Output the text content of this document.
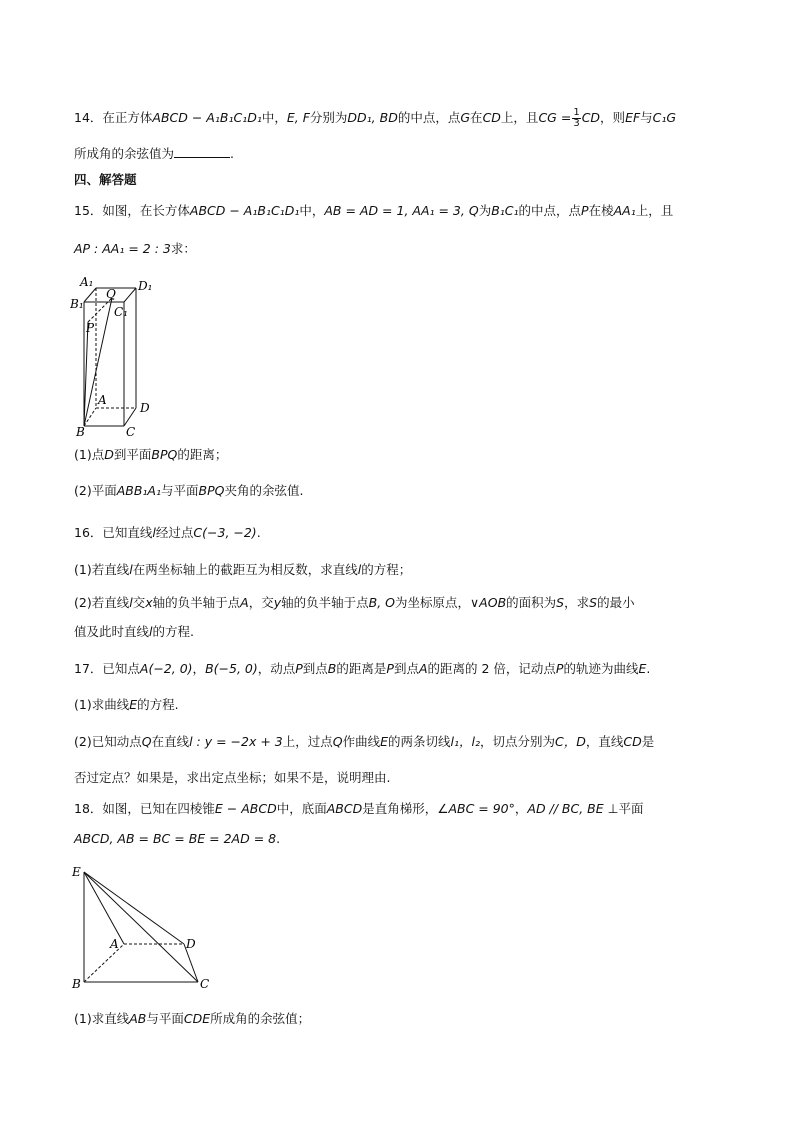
14．在正方体ABCD − A₁B₁C₁D₁中，E, F分别为DD₁, BD的中点，点G在CD上，且CG = $\frac{1}{3}$ CD，则EF与C₁G
所成角的余弦值为	.
四、解答题
15．如图，在长方体ABCD − A₁B₁C₁D₁中，AB = AD = 1, AA₁ = 3, Q为B₁C₁的中点，点P在棱AA₁上，且
AP : AA₁ = 2 : 3求：
A₁
B₁
D₁
Q
C₁
P
A
D
B	C
(1)点D到平面BPQ的距离；
(2)平面ABB₁A₁与平面BPQ夹角的余弦值.
16．已知直线l经过点C(−3, −2).
(1)若直线l在两坐标轴上的截距互为相反数，求直线l的方程；
(2)若直线l交x轴的负半轴于点A，交y轴的负半轴于点B, O为坐标原点，∨AOB的面积为S，求S的最小
值及此时直线l的方程.
17．已知点A(−2, 0)，B(−5, 0)，动点P到点B的距离是P到点A的距离的 2 倍，记动点P的轨迹为曲线E.
(1)求曲线E的方程.
(2)已知动点Q在直线l : y = −2x + 3上，过点Q作曲线E的两条切线l₁，l₂，切点分别为C，D，直线CD是
否过定点？如果是，求出定点坐标；如果不是，说明理由.
18．如图，已知在四棱锥E − ABCD中，底面ABCD是直角梯形，∠ABC = 90°，AD // BC, BE ⊥平面
ABCD, AB = BC = BE = 2AD = 8.
E
A	D
B	C
(1)求直线AB与平面CDE所成角的余弦值；
